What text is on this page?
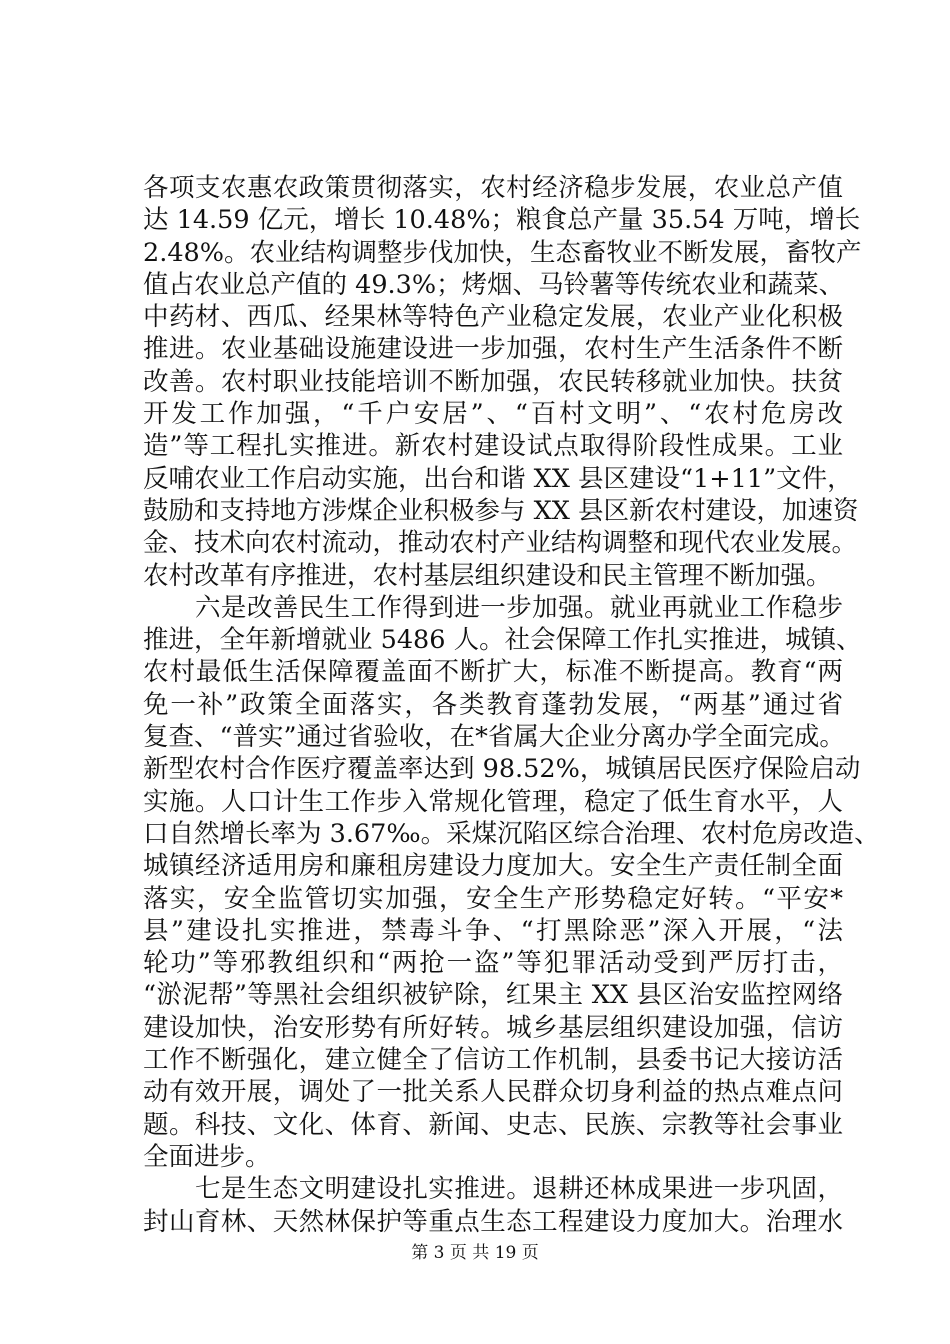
各项支农惠农政策贯彻落实，农村经济稳步发展，农业总产值
达 14.59 亿元，增长 10.48%；粮食总产量 35.54 万吨，增长
2.48%。农业结构调整步伐加快，生态畜牧业不断发展，畜牧产
值占农业总产值的 49.3%；烤烟、马铃薯等传统农业和蔬菜、
中药材、西瓜、经果林等特色产业稳定发展，农业产业化积极
推进。农业基础设施建设进一步加强，农村生产生活条件不断
改善。农村职业技能培训不断加强，农民转移就业加快。扶贫
开发工作加强，“千户安居”、“百村文明”、“农村危房改
造”等工程扎实推进。新农村建设试点取得阶段性成果。工业
反哺农业工作启动实施，出台和谐 XX 县区建设“1+11”文件，
鼓励和支持地方涉煤企业积极参与 XX 县区新农村建设，加速资
金、技术向农村流动，推动农村产业结构调整和现代农业发展。
农村改革有序推进，农村基层组织建设和民主管理不断加强。
六是改善民生工作得到进一步加强。就业再就业工作稳步
推进，全年新增就业 5486 人。社会保障工作扎实推进，城镇、
农村最低生活保障覆盖面不断扩大，标准不断提高。教育“两
免一补”政策全面落实，各类教育蓬勃发展，“两基”通过省
复查、“普实”通过省验收，在*省属大企业分离办学全面完成。
新型农村合作医疗覆盖率达到 98.52%，城镇居民医疗保险启动
实施。人口计生工作步入常规化管理，稳定了低生育水平，人
口自然增长率为 3.67‰。采煤沉陷区综合治理、农村危房改造、
城镇经济适用房和廉租房建设力度加大。安全生产责任制全面
落实，安全监管切实加强，安全生产形势稳定好转。“平安*
县”建设扎实推进，禁毒斗争、“打黑除恶”深入开展，“法
轮功”等邪教组织和“两抢一盗”等犯罪活动受到严厉打击，
“淤泥帮”等黑社会组织被铲除，红果主 XX 县区治安监控网络
建设加快，治安形势有所好转。城乡基层组织建设加强，信访
工作不断强化，建立健全了信访工作机制，县委书记大接访活
动有效开展，调处了一批关系人民群众切身利益的热点难点问
题。科技、文化、体育、新闻、史志、民族、宗教等社会事业
全面进步。
七是生态文明建设扎实推进。退耕还林成果进一步巩固，
封山育林、天然林保护等重点生态工程建设力度加大。治理水
第 3 页 共 19 页
